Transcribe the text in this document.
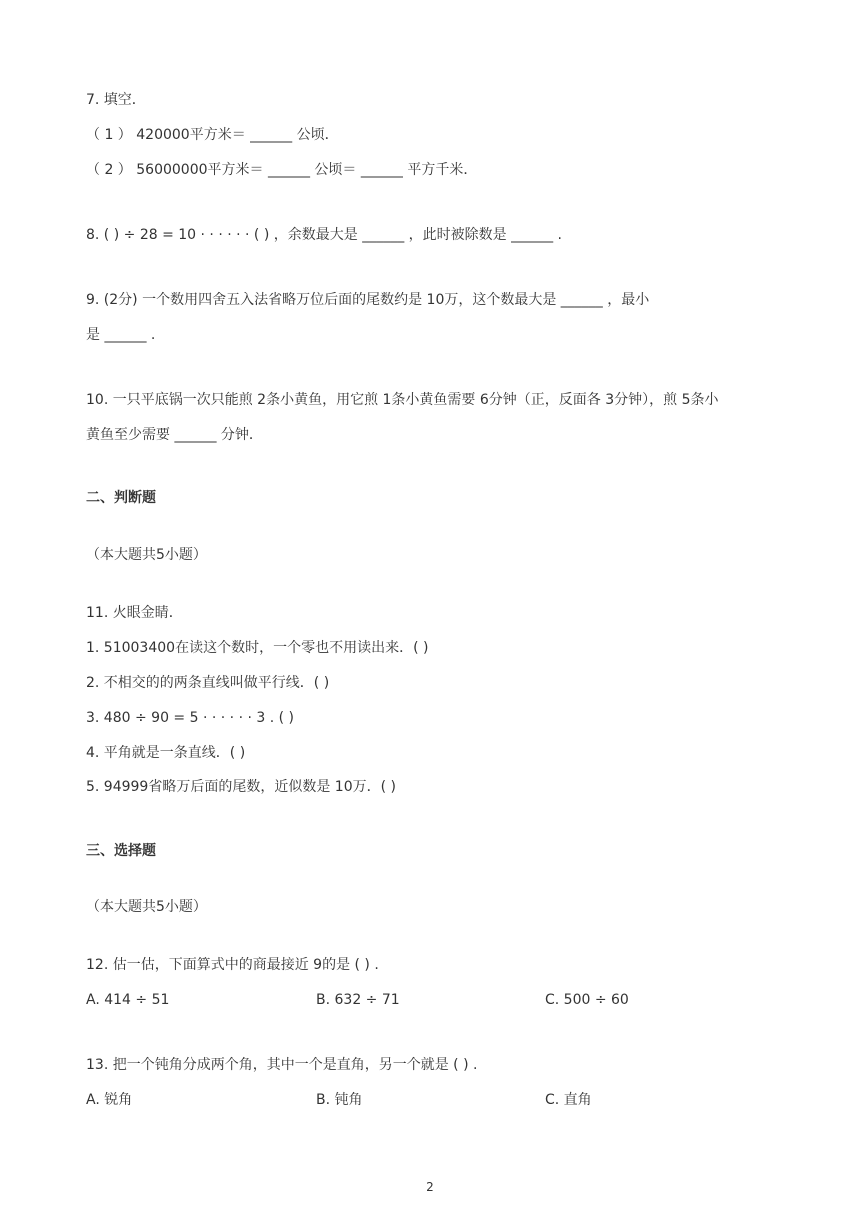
7. 填空．
（ 1 ） 420000平方米＝ ______ 公顷．
（ 2 ） 56000000平方米＝ ______ 公顷＝ ______ 平方千米．
8. ( ) ÷ 28 = 10 · · · · · · ( ) ，余数最大是 ______ ，此时被除数是 ______ .
9. (2分) 一个数用四舍五入法省略万位后面的尾数约是 10万，这个数最大是 ______ ，最小
是 ______ .
10. 一只平底锅一次只能煎 2条小黄鱼，用它煎 1条小黄鱼需要 6分钟（正，反面各 3分钟），煎 5条小
黄鱼至少需要 ______ 分钟．
二、判断题
（本大题共5小题）
11. 火眼金睛．
1. 51003400在读这个数时，一个零也不用读出来．( )
2. 不相交的的两条直线叫做平行线．( )
3. 480 ÷ 90 = 5 · · · · · · 3 . ( )
4. 平角就是一条直线．( )
5. 94999省略万后面的尾数，近似数是 10万．( )
三、选择题
（本大题共5小题）
12. 估一估，下面算式中的商最接近 9的是 ( ) .
A. 414 ÷ 51	B. 632 ÷ 71	C. 500 ÷ 60
13. 把一个钝角分成两个角，其中一个是直角，另一个就是 ( ) .
A. 锐角	B. 钝角	C. 直角
2
